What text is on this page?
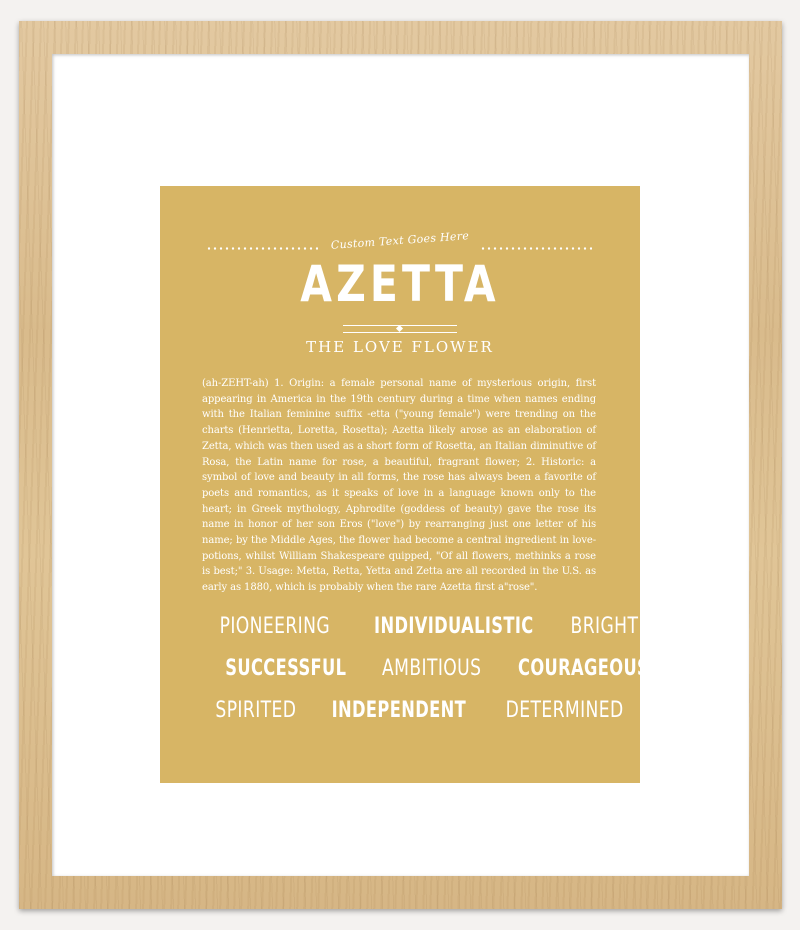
Custom Text Goes Here
AZETTA
THE LOVE FLOWER
(ah-ZEHT-ah) 1. Origin: a female personal name of mysterious origin, first appearing in America in the 19th century during a time when names ending with the Italian feminine suffix -etta ("young female") were trending on the charts (Henrietta, Loretta, Rosetta); Azetta likely arose as an elaboration of Zetta, which was then used as a short form of Rosetta, an Italian diminutive of Rosa, the Latin name for rose, a beautiful, fragrant flower; 2. Historic: a symbol of love and beauty in all forms, the rose has always been a favorite of poets and romantics, as it speaks of love in a language known only to the heart; in Greek mythology, Aphrodite (goddess of beauty) gave the rose its name in honor of her son Eros ("love") by rearranging just one letter of his name; by the Middle Ages, the flower had become a central ingredient in love-potions, whilst William Shakespeare quipped, "Of all flowers, methinks a rose is best;" 3. Usage: Metta, Retta, Yetta and Zetta are all recorded in the U.S. as early as 1880, which is probably when the rare Azetta first a"rose".
PIONEERING	INDIVIDUALISTIC	BRIGHT
SUCCESSFUL	AMBITIOUS	COURAGEOUS
SPIRITED	INDEPENDENT	DETERMINED
